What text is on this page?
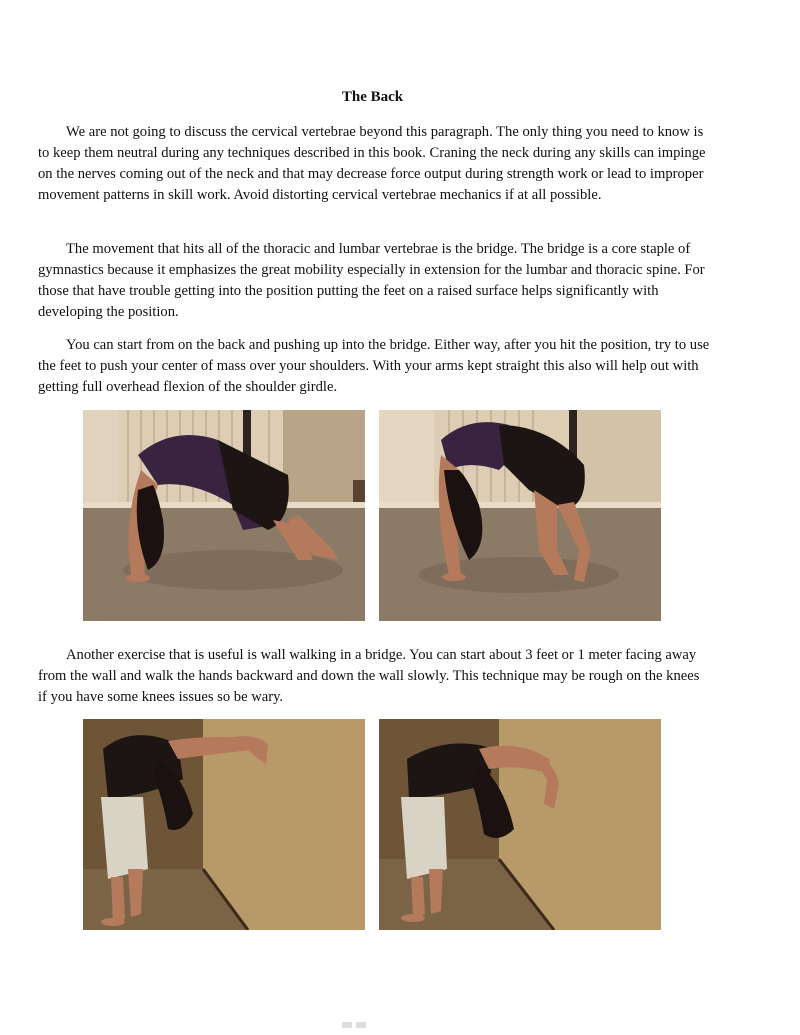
The Back

We are not going to discuss the cervical vertebrae beyond this paragraph. The only thing you need to know is to keep them neutral during any techniques described in this book. Craning the neck during any skills can impinge on the nerves coming out of the neck and that may decrease force output during strength work or lead to improper movement patterns in skill work. Avoid distorting cervical vertebrae mechanics if at all possible.

The movement that hits all of the thoracic and lumbar vertebrae is the bridge. The bridge is a core staple of gymnastics because it emphasizes the great mobility especially in extension for the lumbar and thoracic spine. For those that have trouble getting into the position putting the feet on a raised surface helps significantly with developing the position.

You can start from on the back and pushing up into the bridge. Either way, after you hit the position, try to use the feet to push your center of mass over your shoulders. With your arms kept straight this also will help out with getting full overhead flexion of the shoulder girdle.

Another exercise that is useful is wall walking in a bridge. You can start about 3 feet or 1 meter facing away from the wall and walk the hands backward and down the wall slowly. This technique may be rough on the knees if you have some knees issues so be wary.
